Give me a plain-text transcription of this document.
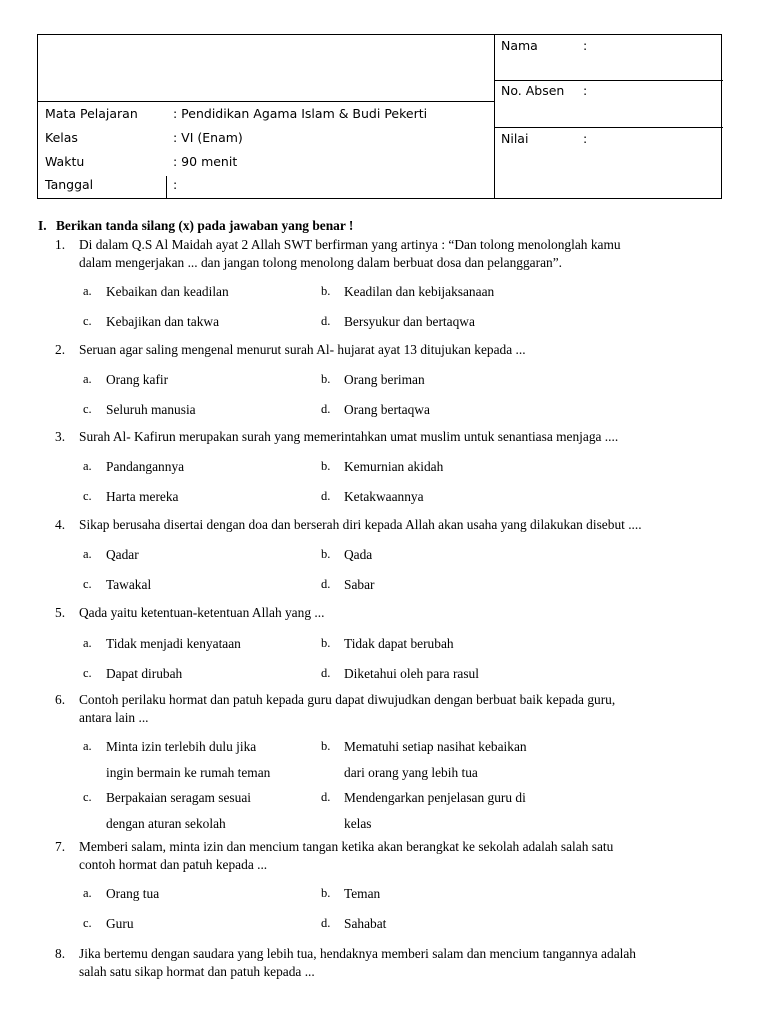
Nama	:
No. Absen :
Nilai	:
Mata Pelajaran	: Pendidikan Agama Islam & Budi Pekerti
Kelas	: VI (Enam)
Waktu	: 90 menit
Tanggal	:
I. Berikan tanda silang (x) pada jawaban yang benar !
1. Di dalam Q.S Al Maidah ayat 2 Allah SWT berfirman yang artinya : “Dan tolong menolonglah kamu
dalam mengerjakan ... dan jangan tolong menolong dalam berbuat dosa dan pelanggaran”.
a. Kebaikan dan keadilan	b. Keadilan dan kebijaksanaan
c. Kebajikan dan takwa	d. Bersyukur dan bertaqwa
2. Seruan agar saling mengenal menurut surah Al- hujarat ayat 13 ditujukan kepada ...
a. Orang kafir	b. Orang beriman
c. Seluruh manusia	d. Orang bertaqwa
3. Surah Al- Kafirun merupakan surah yang memerintahkan umat muslim untuk senantiasa menjaga ....
a. Pandangannya	b. Kemurnian akidah
c. Harta mereka	d. Ketakwaannya
4. Sikap berusaha disertai dengan doa dan berserah diri kepada Allah akan usaha yang dilakukan disebut ....
a. Qadar	b. Qada
c. Tawakal	d. Sabar
5. Qada yaitu ketentuan-ketentuan Allah yang ...
a. Tidak menjadi kenyataan	b. Tidak dapat berubah
c. Dapat dirubah	d. Diketahui oleh para rasul
6. Contoh perilaku hormat dan patuh kepada guru dapat diwujudkan dengan berbuat baik kepada guru,
antara lain ...
a. Minta izin terlebih dulu jika
ingin bermain ke rumah teman
b. Mematuhi setiap nasihat kebaikan
dari orang yang lebih tua
c. Berpakaian seragam sesuai
dengan aturan sekolah
d. Mendengarkan penjelasan guru di
kelas
7. Memberi salam, minta izin dan mencium tangan ketika akan berangkat ke sekolah adalah salah satu
contoh hormat dan patuh kepada ...
a. Orang tua	b. Teman
c. Guru	d. Sahabat
8. Jika bertemu dengan saudara yang lebih tua, hendaknya memberi salam dan mencium tangannya adalah
salah satu sikap hormat dan patuh kepada ...
